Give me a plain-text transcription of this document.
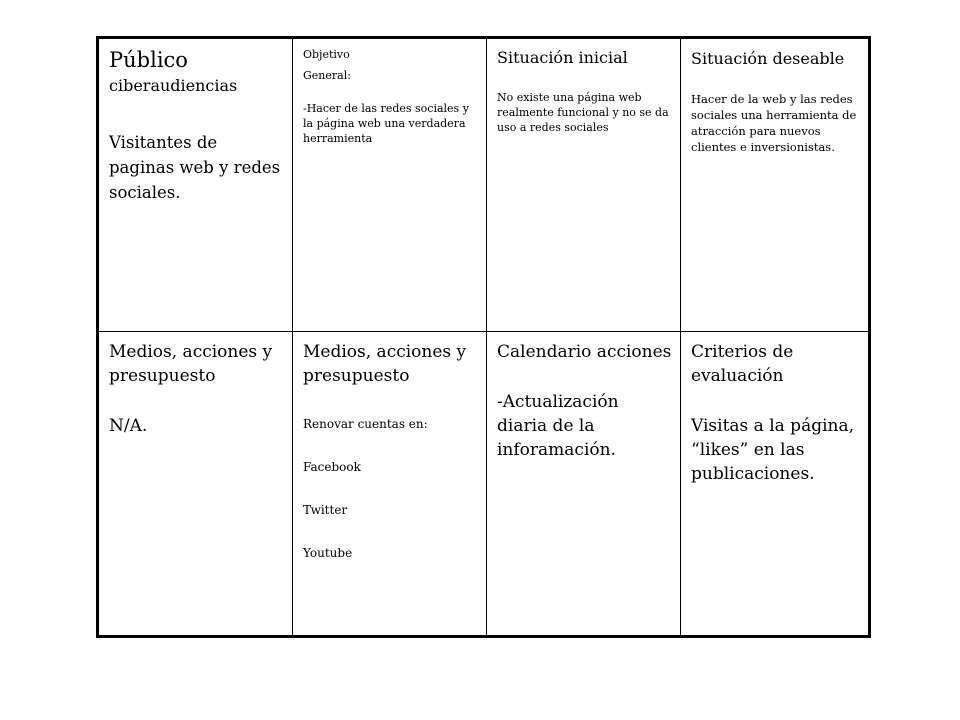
Público

ciberaudiencias

Visitantes de paginas web y redes sociales.

Objetivo

General:

-Hacer de las redes sociales y la página web una verdadera herramienta

Situación inicial

No existe una página web realmente funcional y no se da uso a redes sociales

Situación deseable

Hacer de la web y las redes sociales una herramienta de atracción para nuevos clientes e inversionistas.

Medios, acciones y presupuesto

N/A.

Medios, acciones y presupuesto

Renovar cuentas en:

Facebook

Twitter

Youtube

Calendario acciones

-Actualización diaria de la inforamación.

Criterios de evaluación

Visitas a la página, “likes” en las publicaciones.
